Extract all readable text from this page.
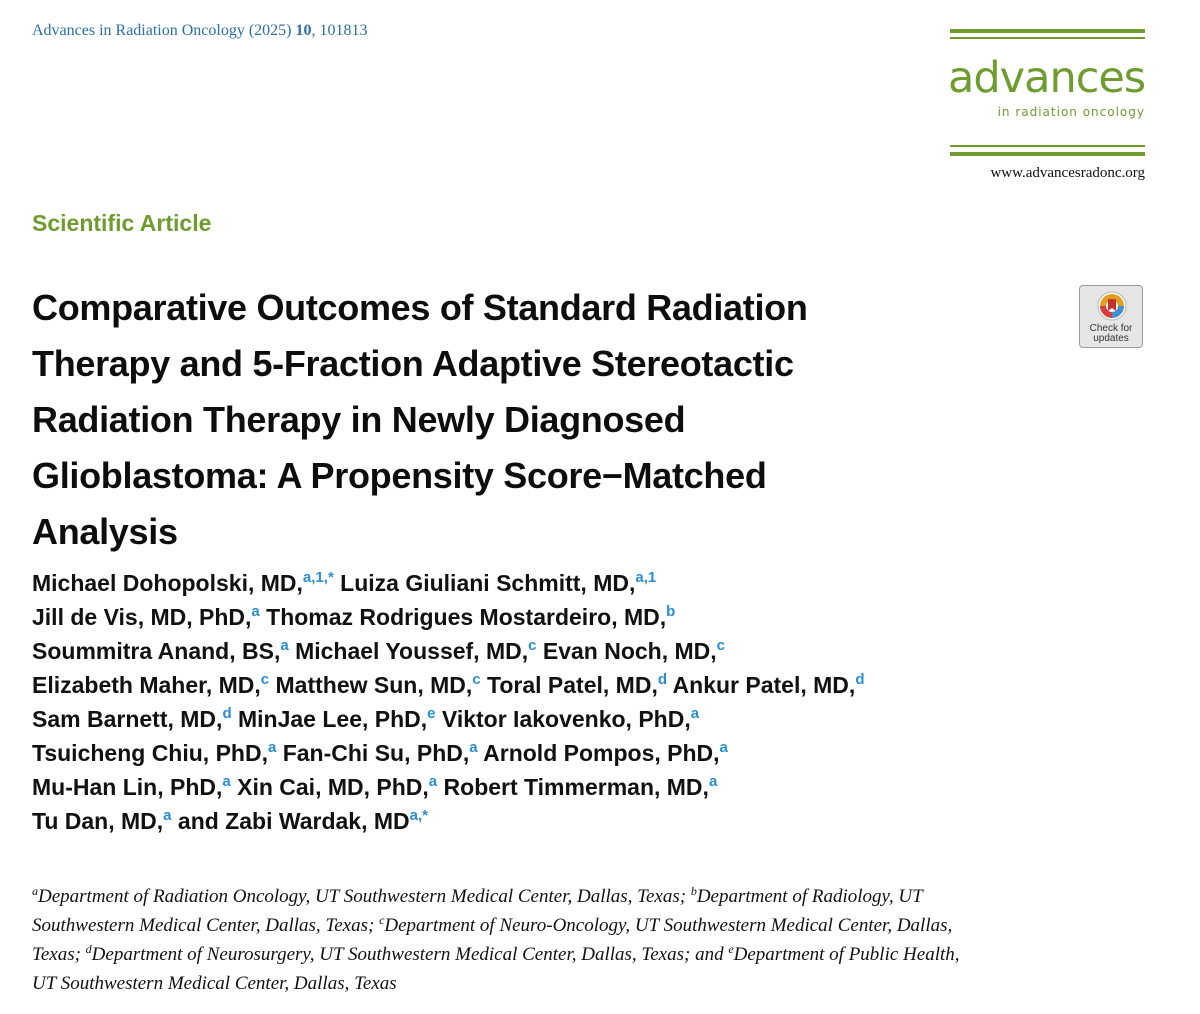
Advances in Radiation Oncology (2025) 10, 101813
advances
in radiation oncology
www.advancesradonc.org
Scientific Article
Comparative Outcomes of Standard Radiation
Therapy and 5-Fraction Adaptive Stereotactic
Radiation Therapy in Newly Diagnosed
Glioblastoma: A Propensity Score−Matched
Analysis
Check for
updates
Michael Dohopolski, MD,$^{a,1,*}$ Luiza Giuliani Schmitt, MD,$^{a,1}$
Jill de Vis, MD, PhD,$^a$ Thomaz Rodrigues Mostardeiro, MD,$^b$
Soummitra Anand, BS,$^a$ Michael Youssef, MD,$^c$ Evan Noch, MD,$^c$
Elizabeth Maher, MD,$^c$ Matthew Sun, MD,$^c$ Toral Patel, MD,$^d$ Ankur Patel, MD,$^d$
Sam Barnett, MD,$^d$ MinJae Lee, PhD,$^e$ Viktor Iakovenko, PhD,$^a$
Tsuicheng Chiu, PhD,$^a$ Fan-Chi Su, PhD,$^a$ Arnold Pompos, PhD,$^a$
Mu-Han Lin, PhD,$^a$ Xin Cai, MD, PhD,$^a$ Robert Timmerman, MD,$^a$
Tu Dan, MD,$^a$ and Zabi Wardak, $MD^{a,*}$
$^a$Department of Radiation Oncology, UT Southwestern Medical Center, Dallas, Texas; $^b$Department of Radiology, UT
Southwestern Medical Center, Dallas, Texas; $^c$Department of Neuro-Oncology, UT Southwestern Medical Center, Dallas,
Texas; $^d$Department of Neurosurgery, UT Southwestern Medical Center, Dallas, Texas; and $^e$Department of Public Health,
UT Southwestern Medical Center, Dallas, Texas
